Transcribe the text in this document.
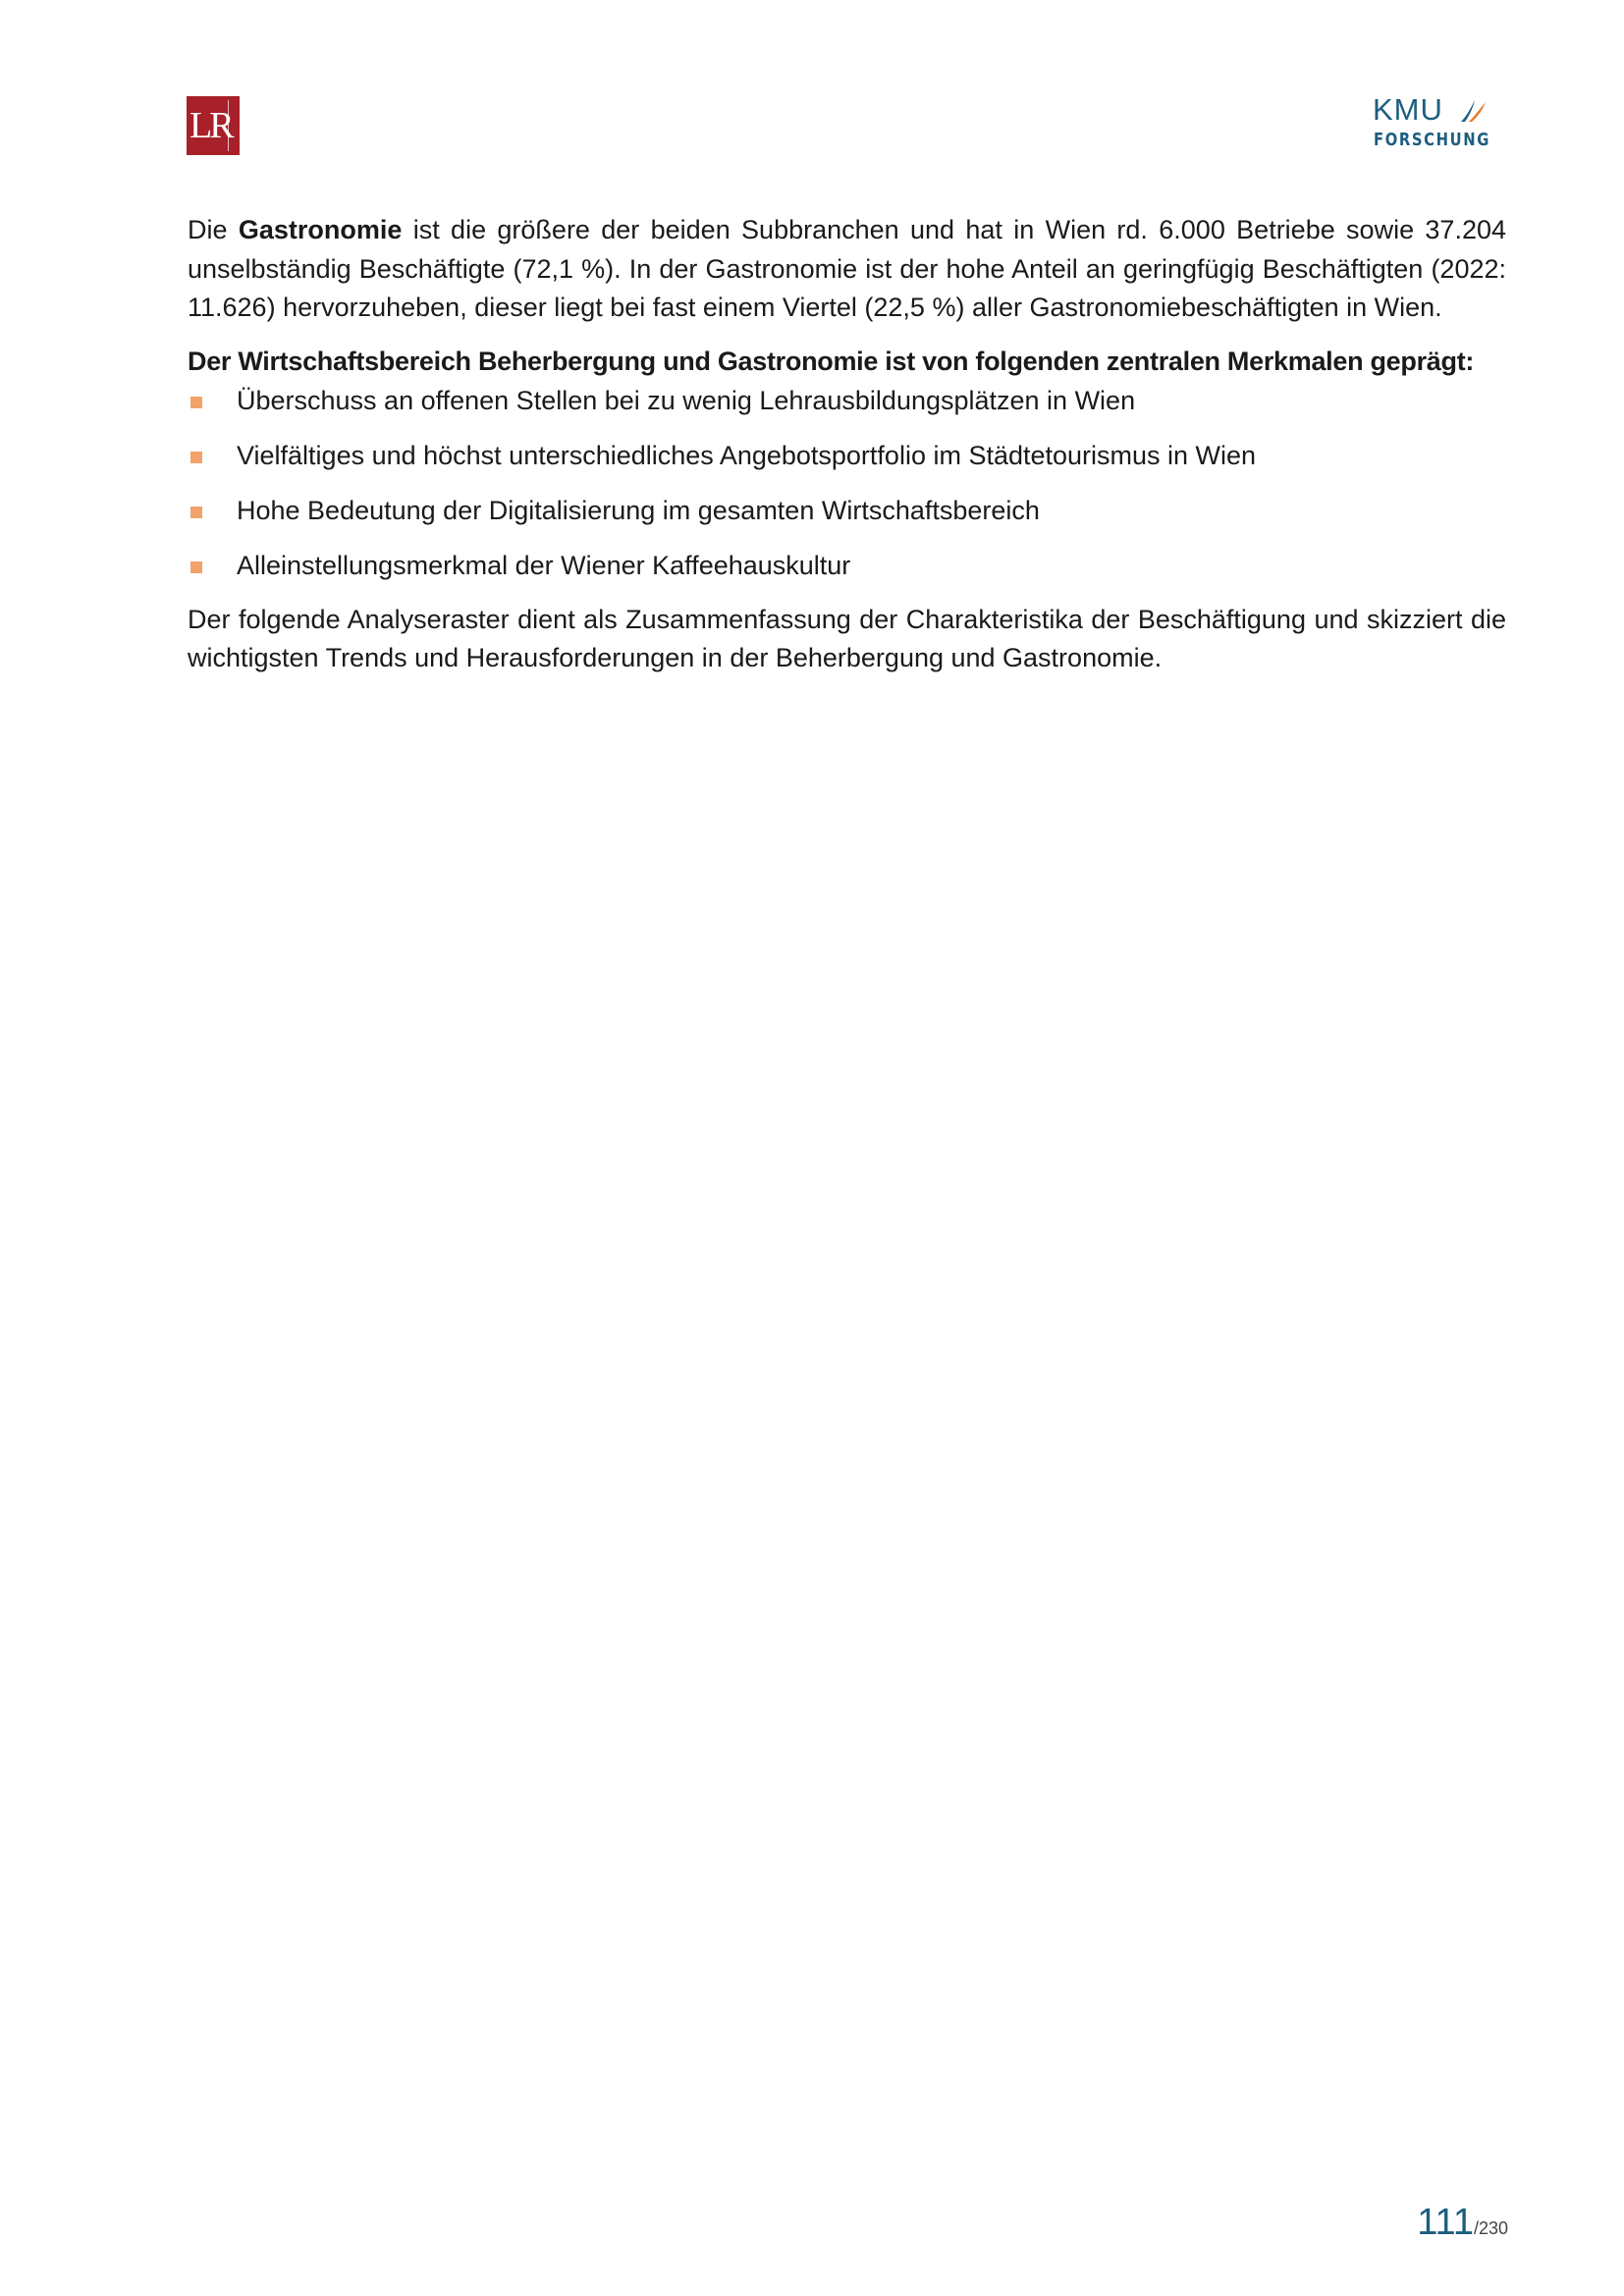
LR	KMU
FORSCHUNG

Die Gastronomie ist die größere der beiden Subbranchen und hat in Wien rd. 6.000 Betriebe sowie 37.204 unselbständig Beschäftigte (72,1 %). In der Gastronomie ist der hohe Anteil an geringfügig Beschäftigten (2022: 11.626) hervorzuheben, dieser liegt bei fast einem Viertel (22,5 %) aller Gastronomiebeschäftigten in Wien.

Der Wirtschaftsbereich Beherbergung und Gastronomie ist von folgenden zentralen Merkmalen geprägt:

Überschuss an offenen Stellen bei zu wenig Lehrausbildungsplätzen in Wien
Vielfältiges und höchst unterschiedliches Angebotsportfolio im Städtetourismus in Wien
Hohe Bedeutung der Digitalisierung im gesamten Wirtschaftsbereich
Alleinstellungsmerkmal der Wiener Kaffeehauskultur

Der folgende Analyseraster dient als Zusammenfassung der Charakteristika der Beschäftigung und skizziert die wichtigsten Trends und Herausforderungen in der Beherbergung und Gastronomie.

111/230
